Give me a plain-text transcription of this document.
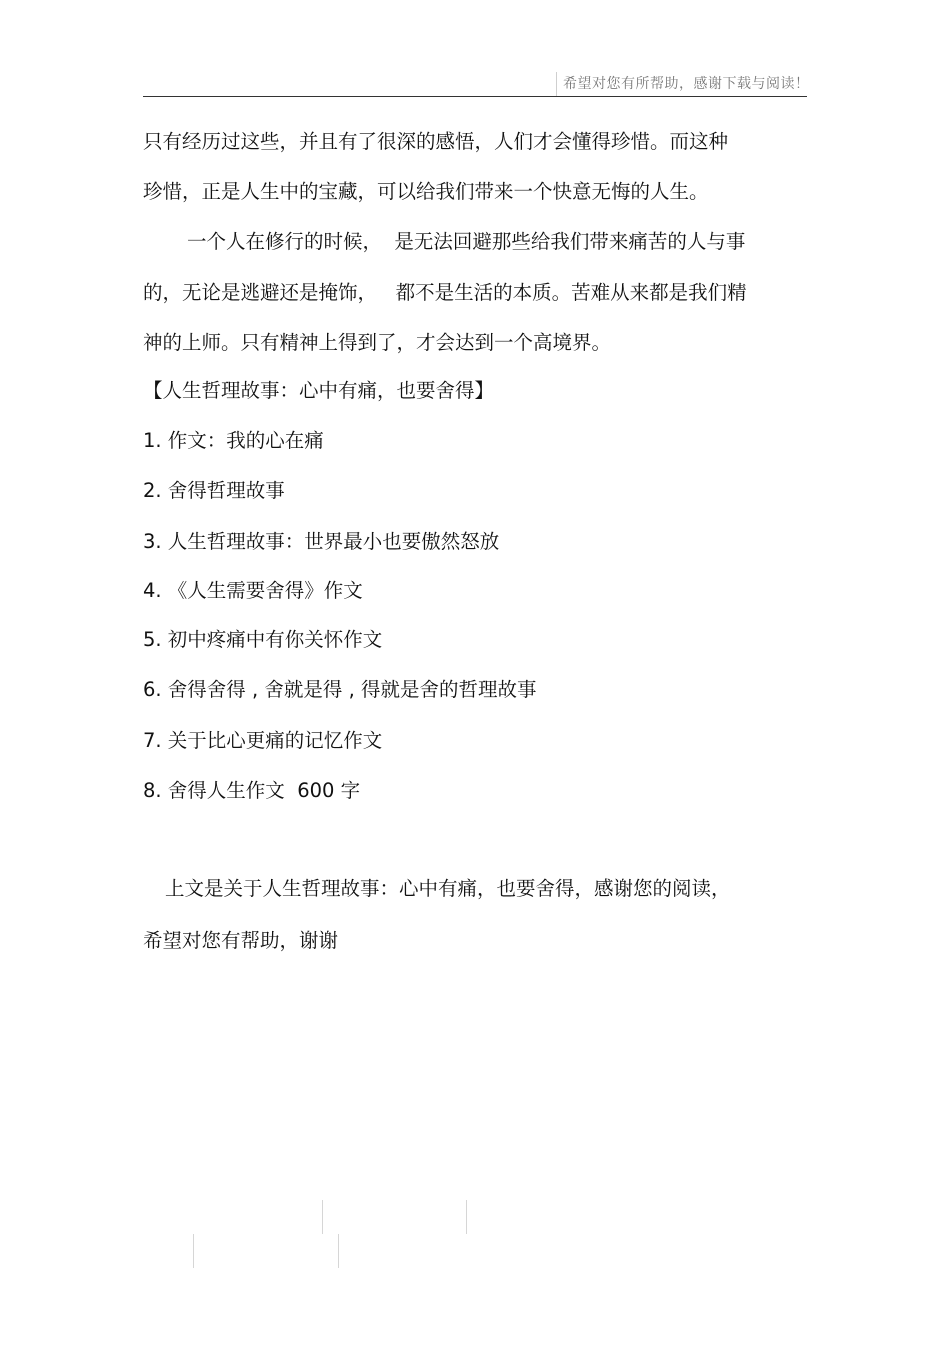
希望对您有所帮助，感谢下载与阅读！
只有经历过这些，并且有了很深的感悟，人们才会懂得珍惜。而这种
珍惜，正是人生中的宝藏，可以给我们带来一个快意无悔的人生。
一个人在修行的时候，  是无法回避那些给我们带来痛苦的人与事
的，无论是逃避还是掩饰，   都不是生活的本质。苦难从来都是我们精
神的上师。只有精神上得到了，才会达到一个高境界。
【人生哲理故事：心中有痛，也要舍得】
1. 作文：我的心在痛
2. 舍得哲理故事
3. 人生哲理故事：世界最小也要傲然怒放
4. 《人生需要舍得》作文
5. 初中疼痛中有你关怀作文
6. 舍得舍得 , 舍就是得 , 得就是舍的哲理故事
7. 关于比心更痛的记忆作文
8. 舍得人生作文  600 字
上文是关于人生哲理故事：心中有痛，也要舍得，感谢您的阅读，
希望对您有帮助，谢谢
